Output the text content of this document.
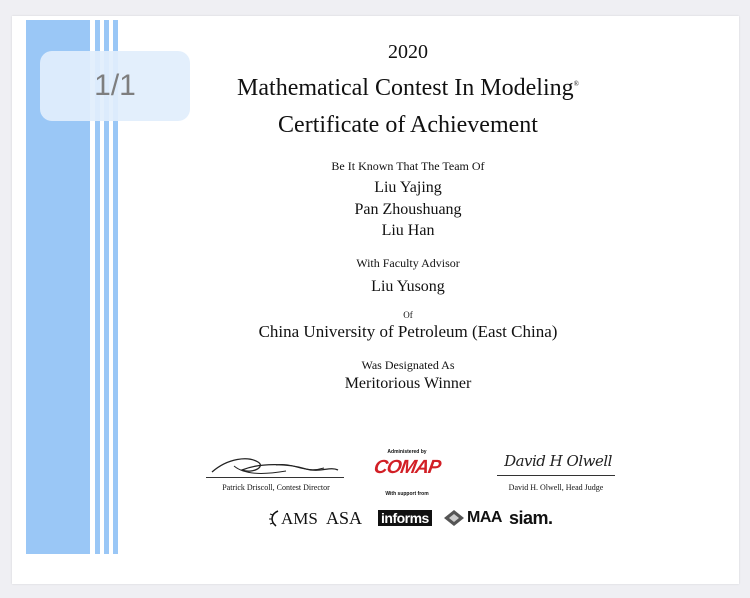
1/1
2020
Mathematical Contest In Modeling®
Certificate of Achievement
Be It Known That The Team Of
Liu Yajing
Pan Zhoushuang
Liu Han
With Faculty Advisor
Liu Yusong
Of
China University of Petroleum (East China)
Was Designated As
Meritorious Winner
Patrick Driscoll, Contest Director
Administered by
COMAP
With support from
David H Olwell
David H. Olwell, Head Judge
AMS ASA informs MAA siam.
